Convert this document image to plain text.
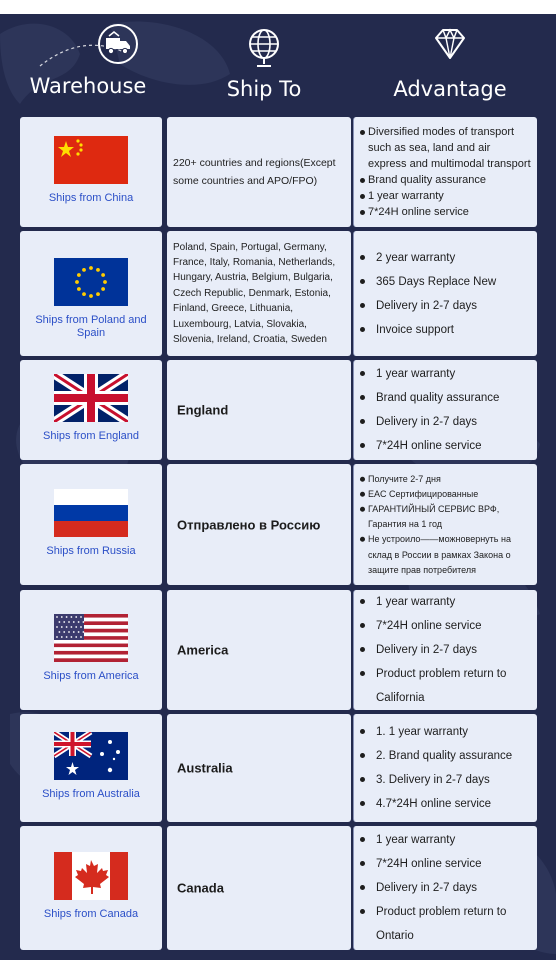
Warehouse	Ship To	Advantage
Ships from China
220+ countries and regions(Except some countries and APO/FPO)
Diversified modes of transport such as sea, land and air express and multimodal transport
Brand quality assurance
1 year warranty
7*24H online service
Ships from Poland and Spain
Poland, Spain, Portugal, Germany, France, Italy, Romania, Netherlands, Hungary, Austria, Belgium, Bulgaria, Czech Republic, Denmark, Estonia, Finland, Greece, Lithuania, Luxembourg, Latvia, Slovakia, Slovenia, Ireland, Croatia, Sweden
2 year warranty
365 Days Replace New
Delivery in 2-7 days
Invoice support
Ships from England
England
1 year warranty
Brand quality assurance
Delivery in 2-7 days
7*24H online service
Ships from Russia
Отправлено в Россию
Получите 2-7 дня
EAC Сертифицированные
ГАРАНТИЙНЫЙ СЕРВИС ВРФ, Гарантия на 1 год
Не устроило——можновернуть на склад в России в рамках Закона о защите прав потребителя
Ships from America
America
1 year warranty
7*24H online service
Delivery in 2-7 days
Product problem return to California
Ships from Australia
Australia
1. 1 year warranty
2. Brand quality assurance
3. Delivery in 2-7 days
4.7*24H online service
Ships from Canada
Canada
1 year warranty
7*24H online service
Delivery in 2-7 days
Product problem return to Ontario
